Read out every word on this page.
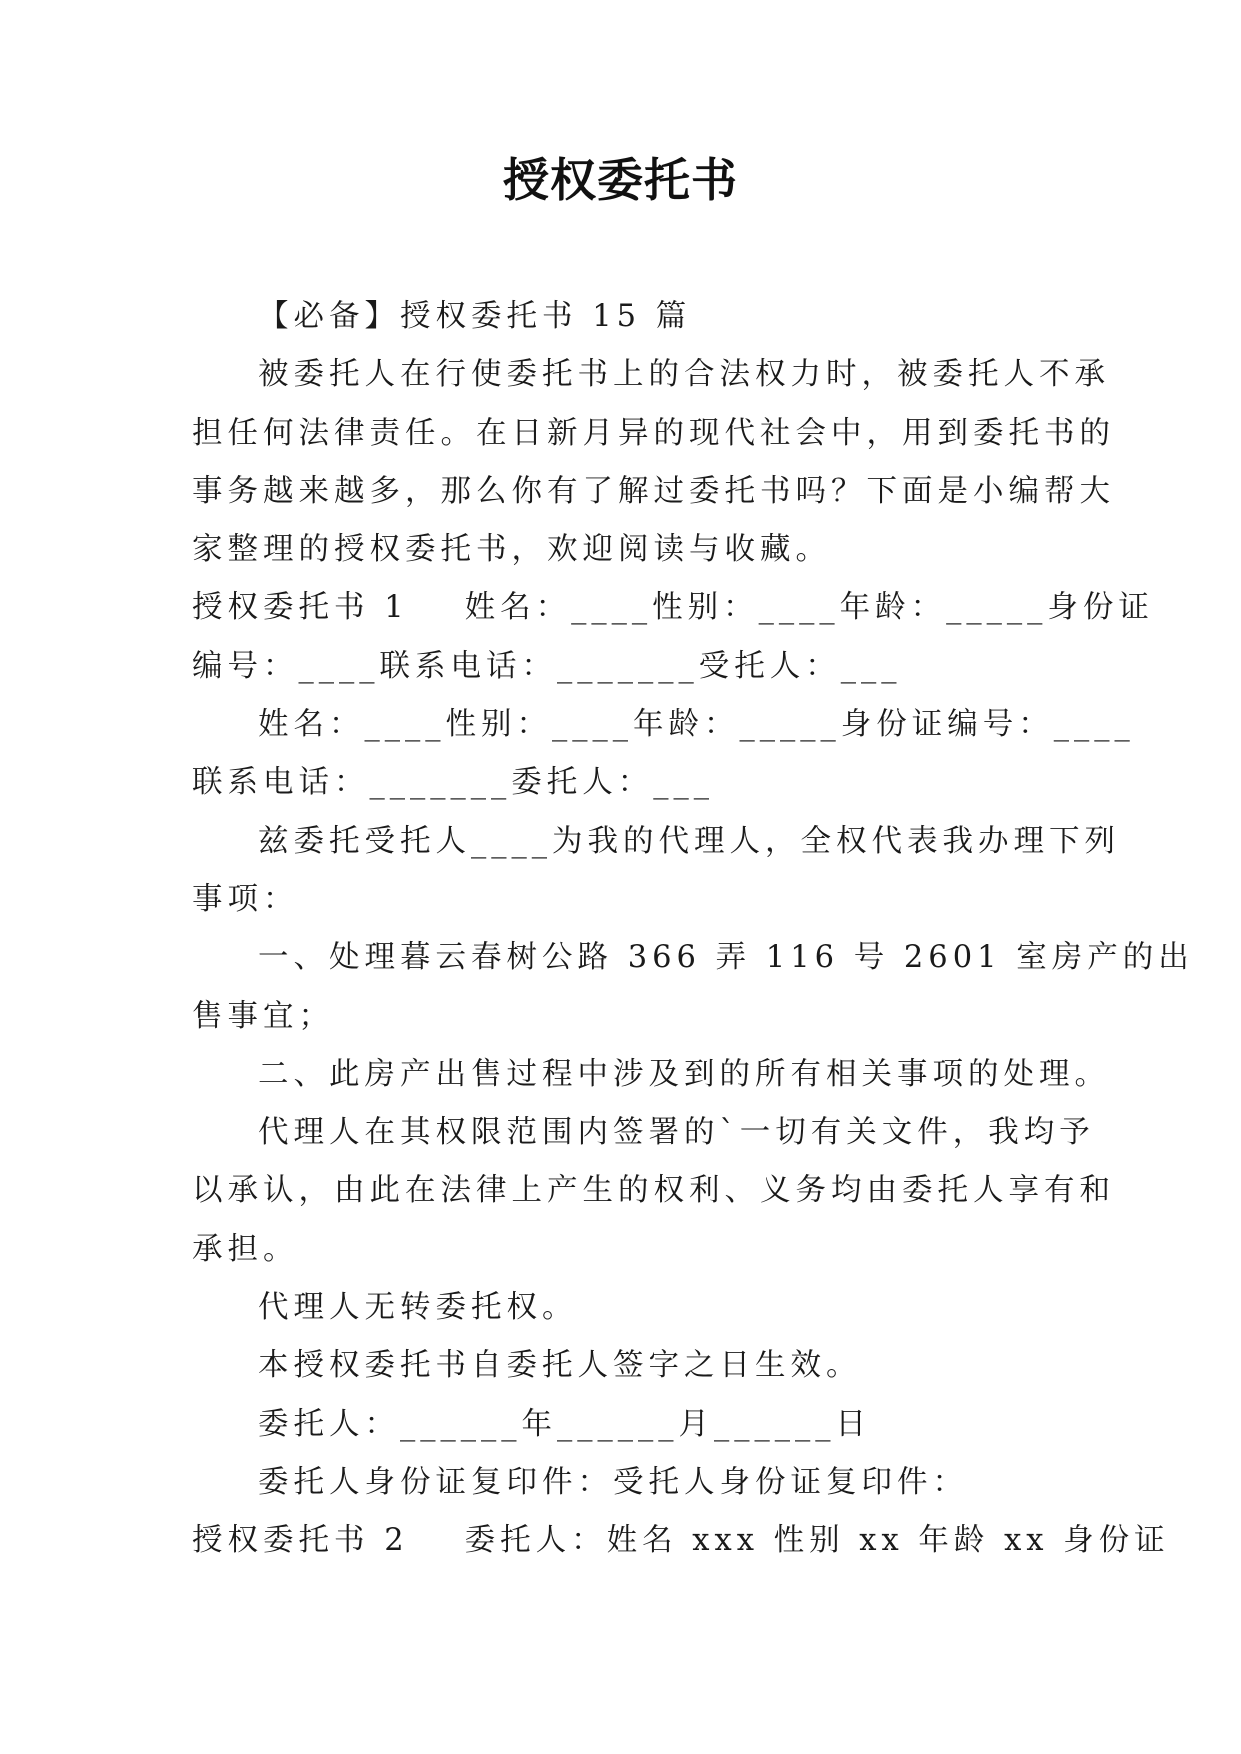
授权委托书

【必备】授权委托书 15 篇

被委托人在行使委托书上的合法权力时，被委托人不承

担任何法律责任。在日新月异的现代社会中，用到委托书的

事务越来越多，那么你有了解过委托书吗？下面是小编帮大

家整理的授权委托书，欢迎阅读与收藏。

授权委托书 1 姓名：____性别：____年龄：_____身份证

编号：____联系电话：_______受托人：___

姓名：____性别：____年龄：_____身份证编号：____

联系电话：_______委托人：___

兹委托受托人____为我的代理人，全权代表我办理下列

事项：

一、处理暮云春树公路 366 弄 116 号 2601 室房产的出

售事宜；

二、此房产出售过程中涉及到的所有相关事项的处理。

代理人在其权限范围内签署的`一切有关文件，我均予

以承认，由此在法律上产生的权利、义务均由委托人享有和

承担。

代理人无转委托权。

本授权委托书自委托人签字之日生效。

委托人：______年______月______日

委托人身份证复印件：受托人身份证复印件：

授权委托书 2 委托人：姓名 xxx 性别 xx 年龄 xx 身份证
